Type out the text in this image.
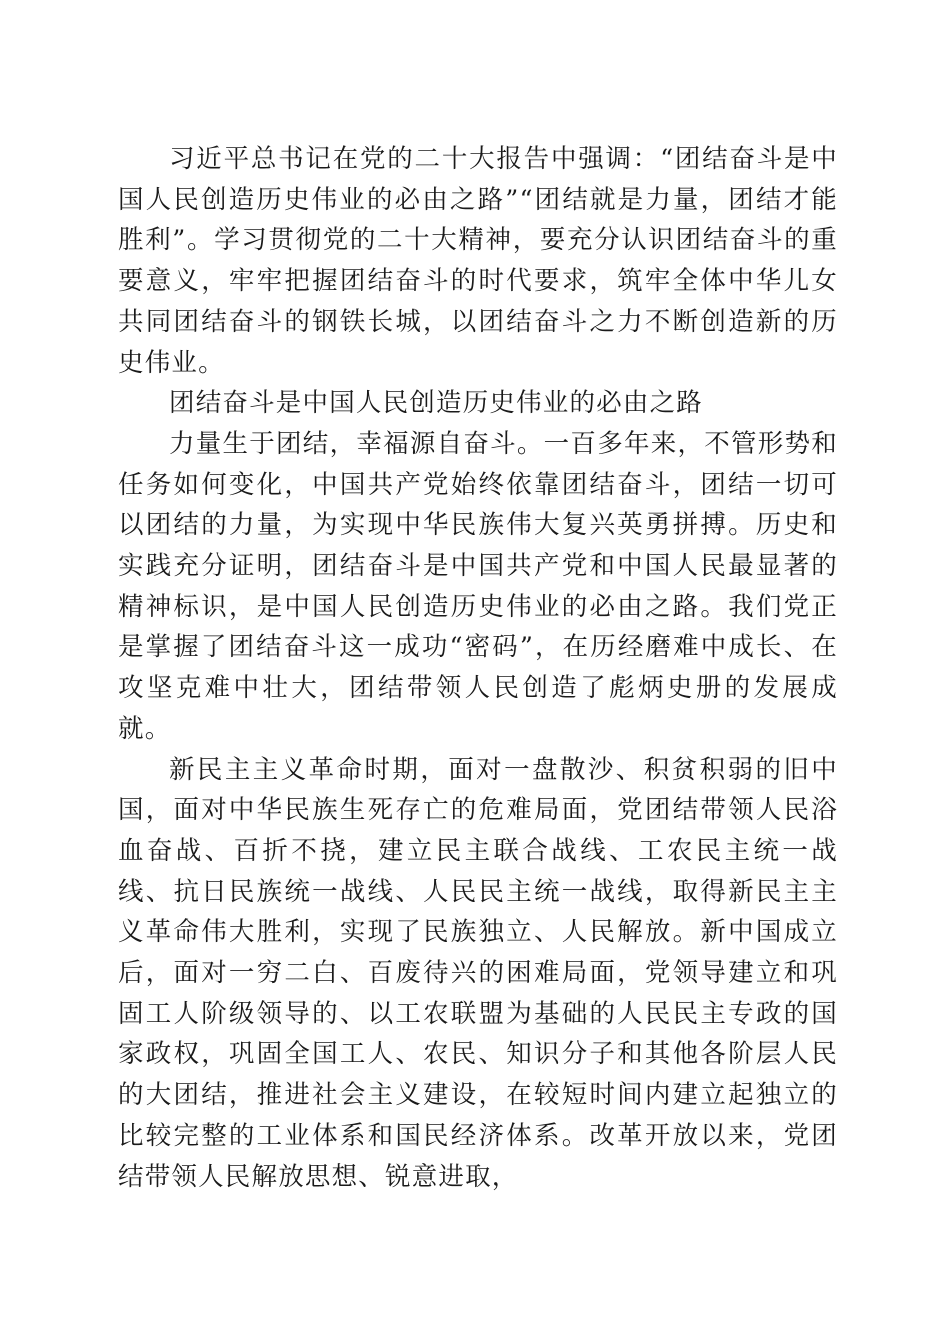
习近平总书记在党的二十大报告中强调：“团结奋斗是中国人民创造历史伟业的必由之路”“团结就是力量，团结才能胜利”。学习贯彻党的二十大精神，要充分认识团结奋斗的重要意义，牢牢把握团结奋斗的时代要求，筑牢全体中华儿女共同团结奋斗的钢铁长城，以团结奋斗之力不断创造新的历史伟业。

团结奋斗是中国人民创造历史伟业的必由之路

力量生于团结，幸福源自奋斗。一百多年来，不管形势和任务如何变化，中国共产党始终依靠团结奋斗，团结一切可以团结的力量，为实现中华民族伟大复兴英勇拼搏。历史和实践充分证明，团结奋斗是中国共产党和中国人民最显著的精神标识，是中国人民创造历史伟业的必由之路。我们党正是掌握了团结奋斗这一成功“密码”，在历经磨难中成长、在攻坚克难中壮大，团结带领人民创造了彪炳史册的发展成就。

新民主主义革命时期，面对一盘散沙、积贫积弱的旧中国，面对中华民族生死存亡的危难局面，党团结带领人民浴血奋战、百折不挠，建立民主联合战线、工农民主统一战线、抗日民族统一战线、人民民主统一战线，取得新民主主义革命伟大胜利，实现了民族独立、人民解放。新中国成立后，面对一穷二白、百废待兴的困难局面，党领导建立和巩固工人阶级领导的、以工农联盟为基础的人民民主专政的国家政权，巩固全国工人、农民、知识分子和其他各阶层人民的大团结，推进社会主义建设，在较短时间内建立起独立的比较完整的工业体系和国民经济体系。改革开放以来，党团结带领人民解放思想、锐意进取，
